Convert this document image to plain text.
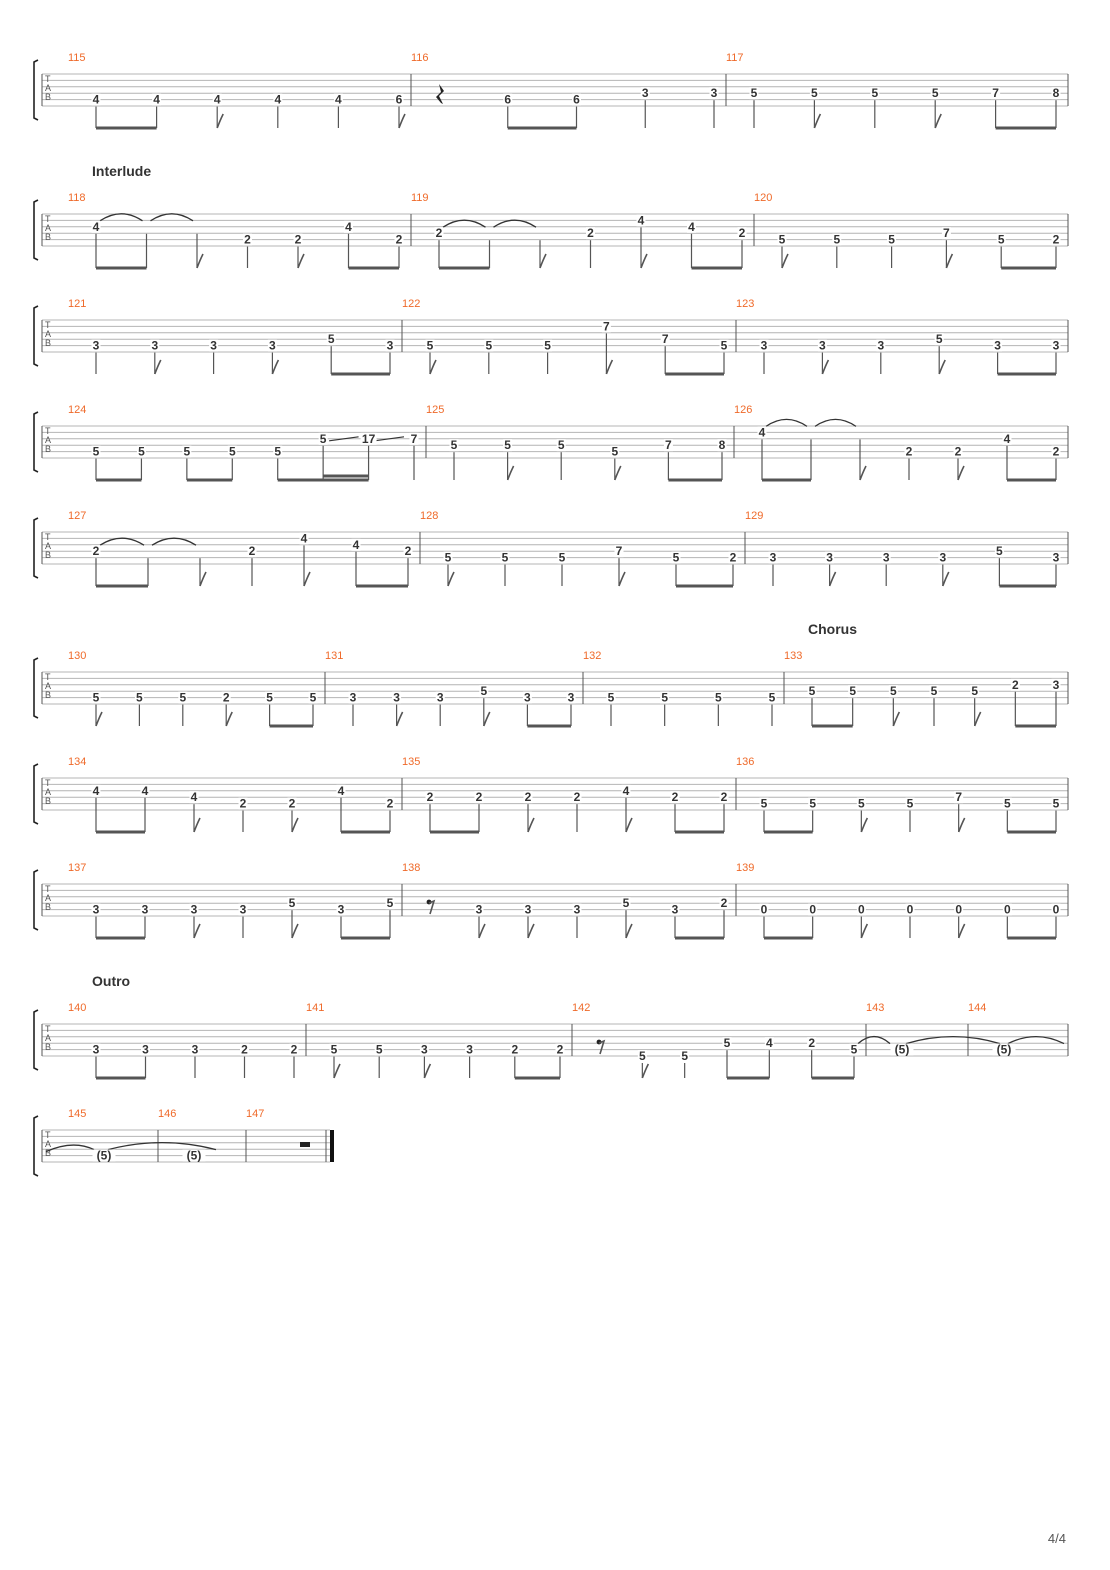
T
A
B
115
4	4	4	4	4	6
116
6	6	3	3
117
5	5	5	5	7	8
T
A
B
Interlude
118
4
2	2
4
2
119
2	2
4	4	2
120
5	5	5	7	5	2
T
A
B
121
3	3	3	3	5	3
122
5	5	5
7
7	5
123
3	3	3	5	3	3
T
A
B
124
5	5	5	5	5
5	17	7
125
5	5	5	5	7	8
126
4
2	2
4
2
T
A
B
127
2	2
4	4	2
128
5	5	5	7	5	2
129
3	3	3	3	5	3
T
A
B
Chorus
130
5	5	5	2	5	5
131
3	3	3	5	3	3
132
5	5	5	5
133
5	5	5	5	5	2	3
T
A
B
134
4	4	4	2	2
4
2
135
2	2	2	2	4	2	2
136
5	5	5	5	7	5	5
T
A
B
137
3	3	3	3	5	3	5
138
3	3	3	5	3	2
139
0	0	0	0	0	0	0
T
A
B
Outro
140
3	3	3	2	2
141
5	5	3	3	2	2
142
5	5
5	4	2	5
143
(5)
144
(5)
T
A
B
145
(5)
146
(5)
147
4/4
